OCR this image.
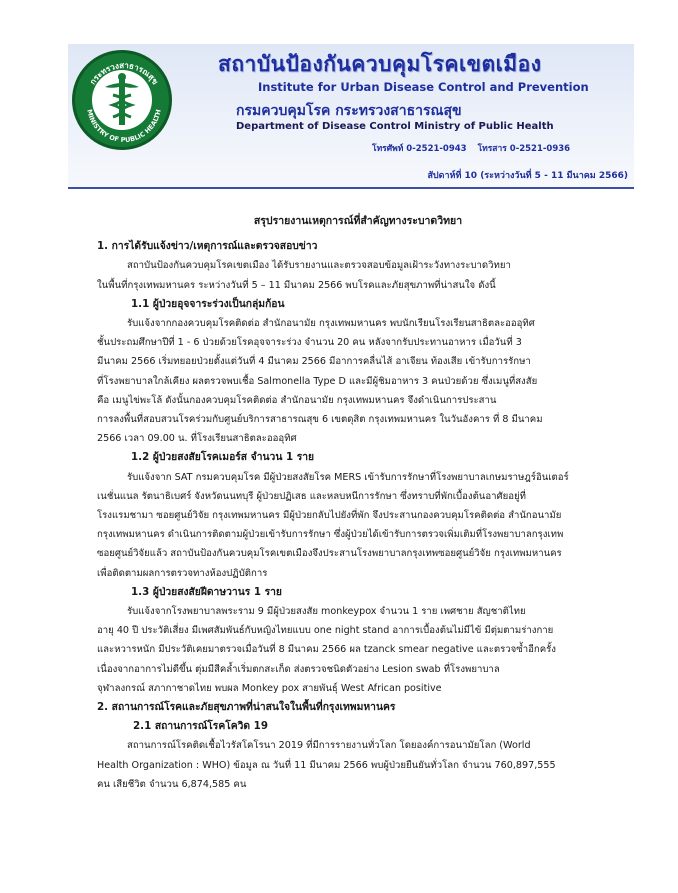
กระทรวงสาธารณสุข
MINISTRY OF PUBLIC HEALTH
สถาบันป้องกันควบคุมโรคเขตเมือง
Institute for Urban Disease Control and Prevention
กรมควบคุมโรค กระทรวงสาธารณสุข
Department of Disease Control Ministry of Public Health
โทรศัพท์ 0-2521-0943 โทรสาร 0-2521-0936
สัปดาห์ที่ 10 (ระหว่างวันที่ 5 - 11 มีนาคม 2566)
สรุปรายงานเหตุการณ์ที่สำคัญทางระบาดวิทยา
1. การได้รับแจ้งข่าว/เหตุการณ์และตรวจสอบข่าว
สถาบันป้องกันควบคุมโรคเขตเมือง ได้รับรายงานและตรวจสอบข้อมูลเฝ้าระวังทางระบาดวิทยา
ในพื้นที่กรุงเทพมหานคร ระหว่างวันที่ 5 – 11 มีนาคม 2566 พบโรคและภัยสุขภาพที่น่าสนใจ ดังนี้
1.1 ผู้ป่วยอุจจาระร่วงเป็นกลุ่มก้อน
รับแจ้งจากกองควบคุมโรคติดต่อ สำนักอนามัย กรุงเทพมหานคร พบนักเรียนโรงเรียนสาธิตละอออุทิศ
ชั้นประถมศึกษาปีที่ 1 - 6 ป่วยด้วยโรคอุจจาระร่วง จำนวน 20 คน หลังจากรับประทานอาหาร เมื่อวันที่ 3
มีนาคม 2566 เริ่มทยอยป่วยตั้งแต่วันที่ 4 มีนาคม 2566 มีอาการคลื่นไส้ อาเจียน ท้องเสีย เข้ารับการรักษา
ที่โรงพยาบาลใกล้เคียง ผลตรวจพบเชื้อ Salmonella Type D และมีผู้ชิมอาหาร 3 คนป่วยด้วย ซึ่งเมนูที่สงสัย
คือ เมนูไข่พะโล้ ดังนั้นกองควบคุมโรคติดต่อ สำนักอนามัย กรุงเทพมหานคร จึงดำเนินการประสาน
การลงพื้นที่สอบสวนโรคร่วมกับศูนย์บริการสาธารณสุข 6 เขตดุสิต กรุงเทพมหานคร ในวันอังคาร ที่ 8 มีนาคม
2566 เวลา 09.00 น. ที่โรงเรียนสาธิตละอออุทิศ
1.2 ผู้ป่วยสงสัยโรคเมอร์ส จำนวน 1 ราย
รับแจ้งจาก SAT กรมควบคุมโรค มีผู้ป่วยสงสัยโรค MERS เข้ารับการรักษาที่โรงพยาบาลเกษมราษฎร์อินเตอร์
เนชั่นแนล รัตนาธิเบศร์ จังหวัดนนทบุรี ผู้ป่วยปฏิเสธ และหลบหนีการรักษา ซึ่งทราบที่พักเบื้องต้นอาศัยอยู่ที่
โรงแรมชามา ซอยศูนย์วิจัย กรุงเทพมหานคร มีผู้ป่วยกลับไปยังที่พัก จึงประสานกองควบคุมโรคติดต่อ สำนักอนามัย
กรุงเทพมหานคร ดำเนินการติดตามผู้ป่วยเข้ารับการรักษา ซึ่งผู้ป่วยได้เข้ารับการตรวจเพิ่มเติมที่โรงพยาบาลกรุงเทพ
ซอยศูนย์วิจัยแล้ว สถาบันป้องกันควบคุมโรคเขตเมืองจึงประสานโรงพยาบาลกรุงเทพซอยศูนย์วิจัย กรุงเทพมหานคร
เพื่อติดตามผลการตรวจทางห้องปฏิบัติการ
1.3 ผู้ป่วยสงสัยฝีดาษวานร 1 ราย
รับแจ้งจากโรงพยาบาลพระราม 9 มีผู้ป่วยสงสัย monkeypox จำนวน 1 ราย เพศชาย สัญชาติไทย
อายุ 40 ปี ประวัติเสี่ยง มีเพศสัมพันธ์กับหญิงไทยแบบ one night stand อาการเบื้องต้นไม่มีไข้ มีตุ่มตามร่างกาย
และหวารหนัก มีประวัติเคยมาตรวจเมื่อวันที่ 8 มีนาคม 2566 ผล tzanck smear negative และตรวจซ้ำอีกครั้ง
เนื่องจากอาการไม่ดีขึ้น ตุ่มมีสีคล้ำเริ่มตกสะเก็ด ส่งตรวจชนิดตัวอย่าง Lesion swab ที่โรงพยาบาล
จุฬาลงกรณ์ สภากาชาดไทย พบผล Monkey pox สายพันธุ์ West African positive
2. สถานการณ์โรคและภัยสุขภาพที่น่าสนใจในพื้นที่กรุงเทพมหานคร
2.1 สถานการณ์โรคโควิด 19
สถานการณ์โรคติดเชื้อไวรัสโคโรนา 2019 ที่มีการรายงานทั่วโลก โดยองค์การอนามัยโลก (World
Health Organization : WHO) ข้อมูล ณ วันที่ 11 มีนาคม 2566 พบผู้ป่วยยืนยันทั่วโลก จำนวน 760,897,555
คน เสียชีวิต จำนวน 6,874,585 คน
